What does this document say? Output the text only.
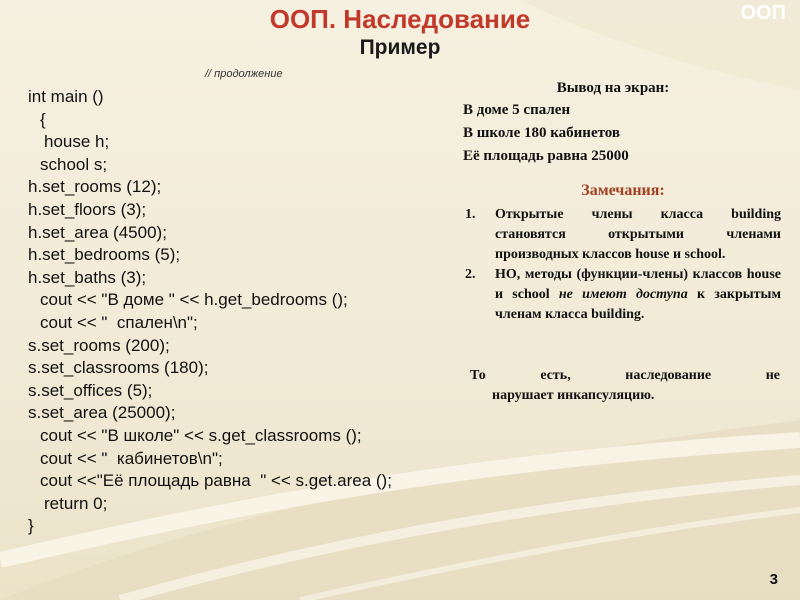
ООП. Наследование	ООП
Пример
// продолжение
int main ()
{
house h;
school s;
h.set_rooms (12);
h.set_floors (3);
h.set_area (4500);
h.set_bedrooms (5);
h.set_baths (3);
cout << "В доме " << h.get_bedrooms ();
cout << "  спален\n";
s.set_rooms (200);
s.set_classrooms (180);
s.set_offices (5);
s.set_area (25000);
cout << "В школе" << s.get_classrooms ();
cout << "  кабинетов\n";
cout <<"Её площадь равна  " << s.get.area ();
return 0;
}
Вывод на экран:
В доме 5 спален
В школе 180 кабинетов
Её площадь равна 25000
Замечания:
1.	Открытые члены класса building становятся открытыми членами производных классов house и school.
2.	НО, методы (функции-члены) классов house и school не имеют доступа к закрытым членам класса building.
То	есть,	наследование	не
нарушает инкапсуляцию.
3
